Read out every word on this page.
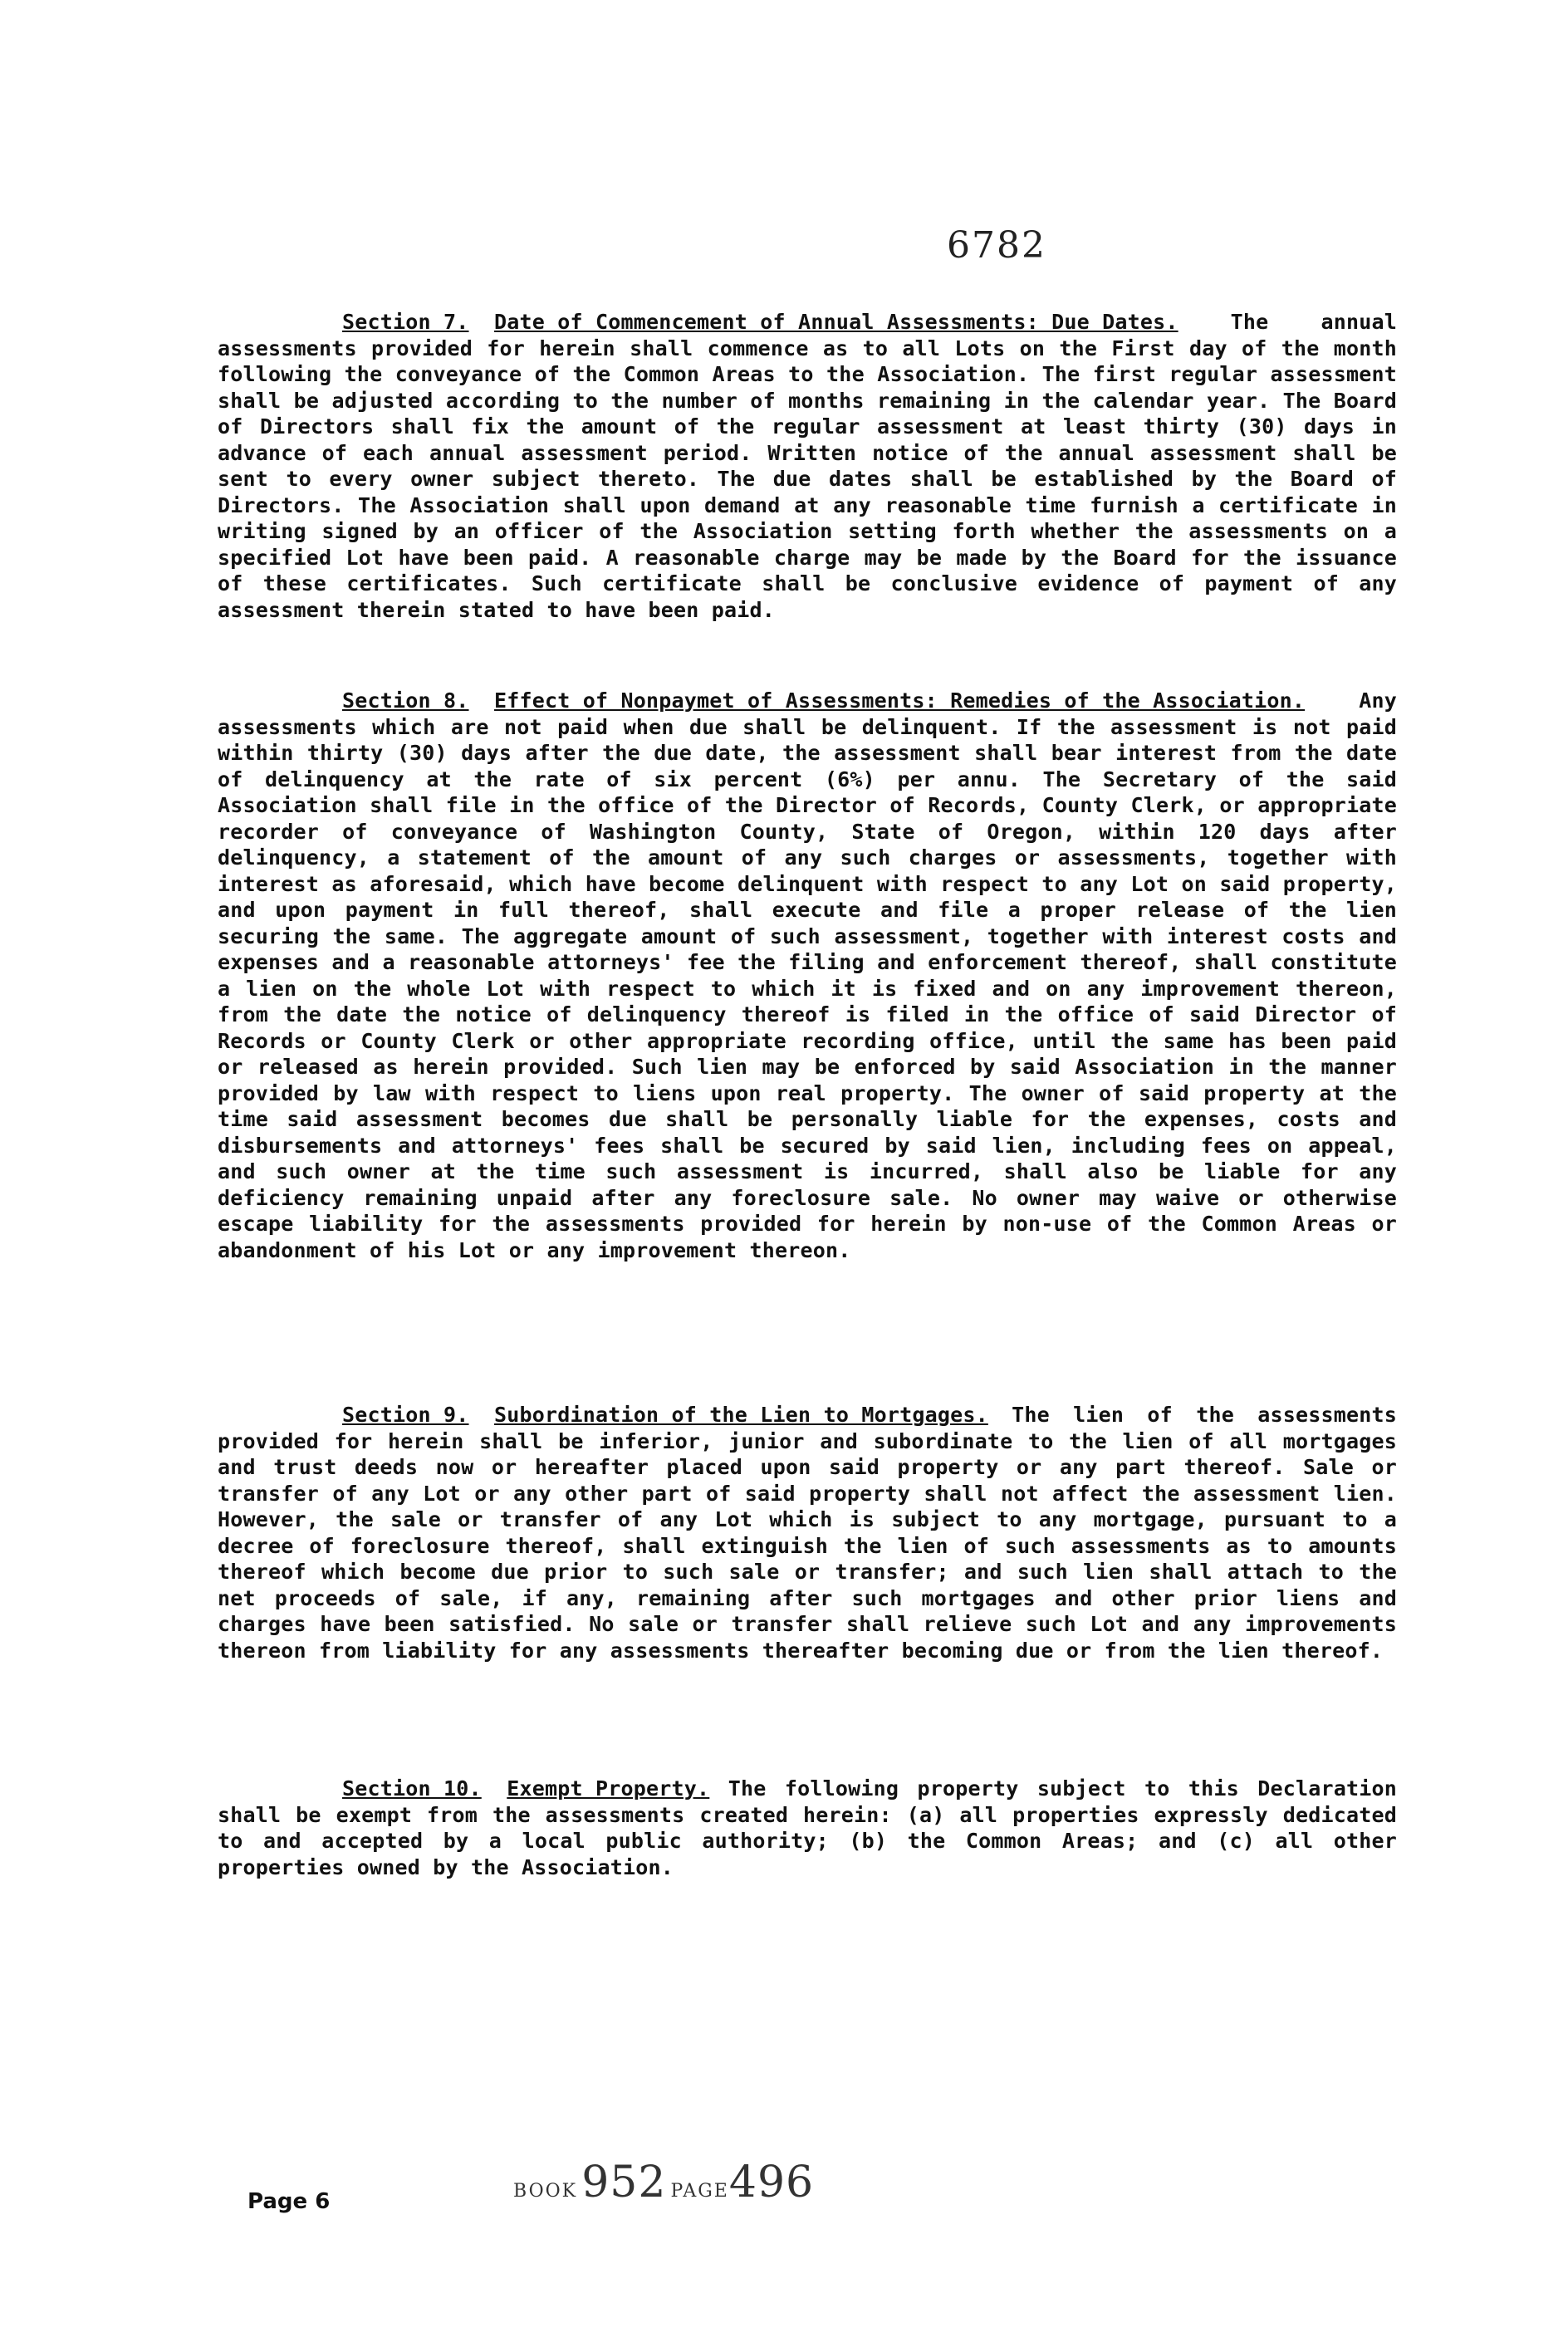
6782

Section 7. Date of Commencement of Annual Assessments: Due Dates.	The annual assessments provided for herein shall commence as to all Lots on the First day of the month following the conveyance of the Common Areas to the Association. The first regular assessment shall be adjusted according to the number of months remaining in the calendar year. The Board of Directors shall fix the amount of the regular assessment at least thirty (30) days in advance of each annual assessment period. Written notice of the annual assessment shall be sent to every owner subject thereto. The due dates shall be established by the Board of Directors. The Association shall upon demand at any reasonable time furnish a certificate in writing signed by an officer of the Association setting forth whether the assessments on a specified Lot have been paid. A reasonable charge may be made by the Board for the issuance of these certificates. Such certificate shall be conclusive evidence of payment of any assessment therein stated to have been paid.

Section 8. Effect of Nonpaymet of Assessments: Remedies of the Association.	Any assessments which are not paid when due shall be delinquent. If the assessment is not paid within thirty (30) days after the due date, the assessment shall bear interest from the date of delinquency at the rate of six percent (6%) per annu. The Secretary of the said Association shall file in the office of the Director of Records, County Clerk, or appropriate recorder of conveyance of Washington County, State of Oregon, within 120 days after delinquency, a statement of the amount of any such charges or assessments, together with interest as aforesaid, which have become delinquent with respect to any Lot on said property, and upon payment in full thereof, shall execute and file a proper release of the lien securing the same. The aggregate amount of such assessment, together with interest costs and expenses and a reasonable attorneys' fee the filing and enforcement thereof, shall constitute a lien on the whole Lot with respect to which it is fixed and on any improvement thereon, from the date the notice of delinquency thereof is filed in the office of said Director of Records or County Clerk or other appropriate recording office, until the same has been paid or released as herein provided. Such lien may be enforced by said Association in the manner provided by law with respect to liens upon real property. The owner of said property at the time said assessment becomes due shall be personally liable for the expenses, costs and disbursements and attorneys' fees shall be secured by said lien, including fees on appeal, and such owner at the time such assessment is incurred, shall also be liable for any deficiency remaining unpaid after any foreclosure sale. No owner may waive or otherwise escape liability for the assessments provided for herein by non-use of the Common Areas or abandonment of his Lot or any improvement thereon.

Section 9. Subordination of the Lien to Mortgages. The lien of the assessments provided for herein shall be inferior, junior and subordinate to the lien of all mortgages and trust deeds now or hereafter placed upon said property or any part thereof. Sale or transfer of any Lot or any other part of said property shall not affect the assessment lien. However, the sale or transfer of any Lot which is subject to any mortgage, pursuant to a decree of foreclosure thereof, shall extinguish the lien of such assessments as to amounts thereof which become due prior to such sale or transfer; and such lien shall attach to the net proceeds of sale, if any, remaining after such mortgages and other prior liens and charges have been satisfied. No sale or transfer shall relieve such Lot and any improvements thereon from liability for any assessments thereafter becoming due or from the lien thereof.

Section 10. Exempt Property. The following property subject to this Declaration shall be exempt from the assessments created herein: (a) all properties expressly dedicated to and accepted by a local public authority; (b) the Common Areas; and (c) all other properties owned by the Association.

Page 6	BOOK 952 PAGE496
